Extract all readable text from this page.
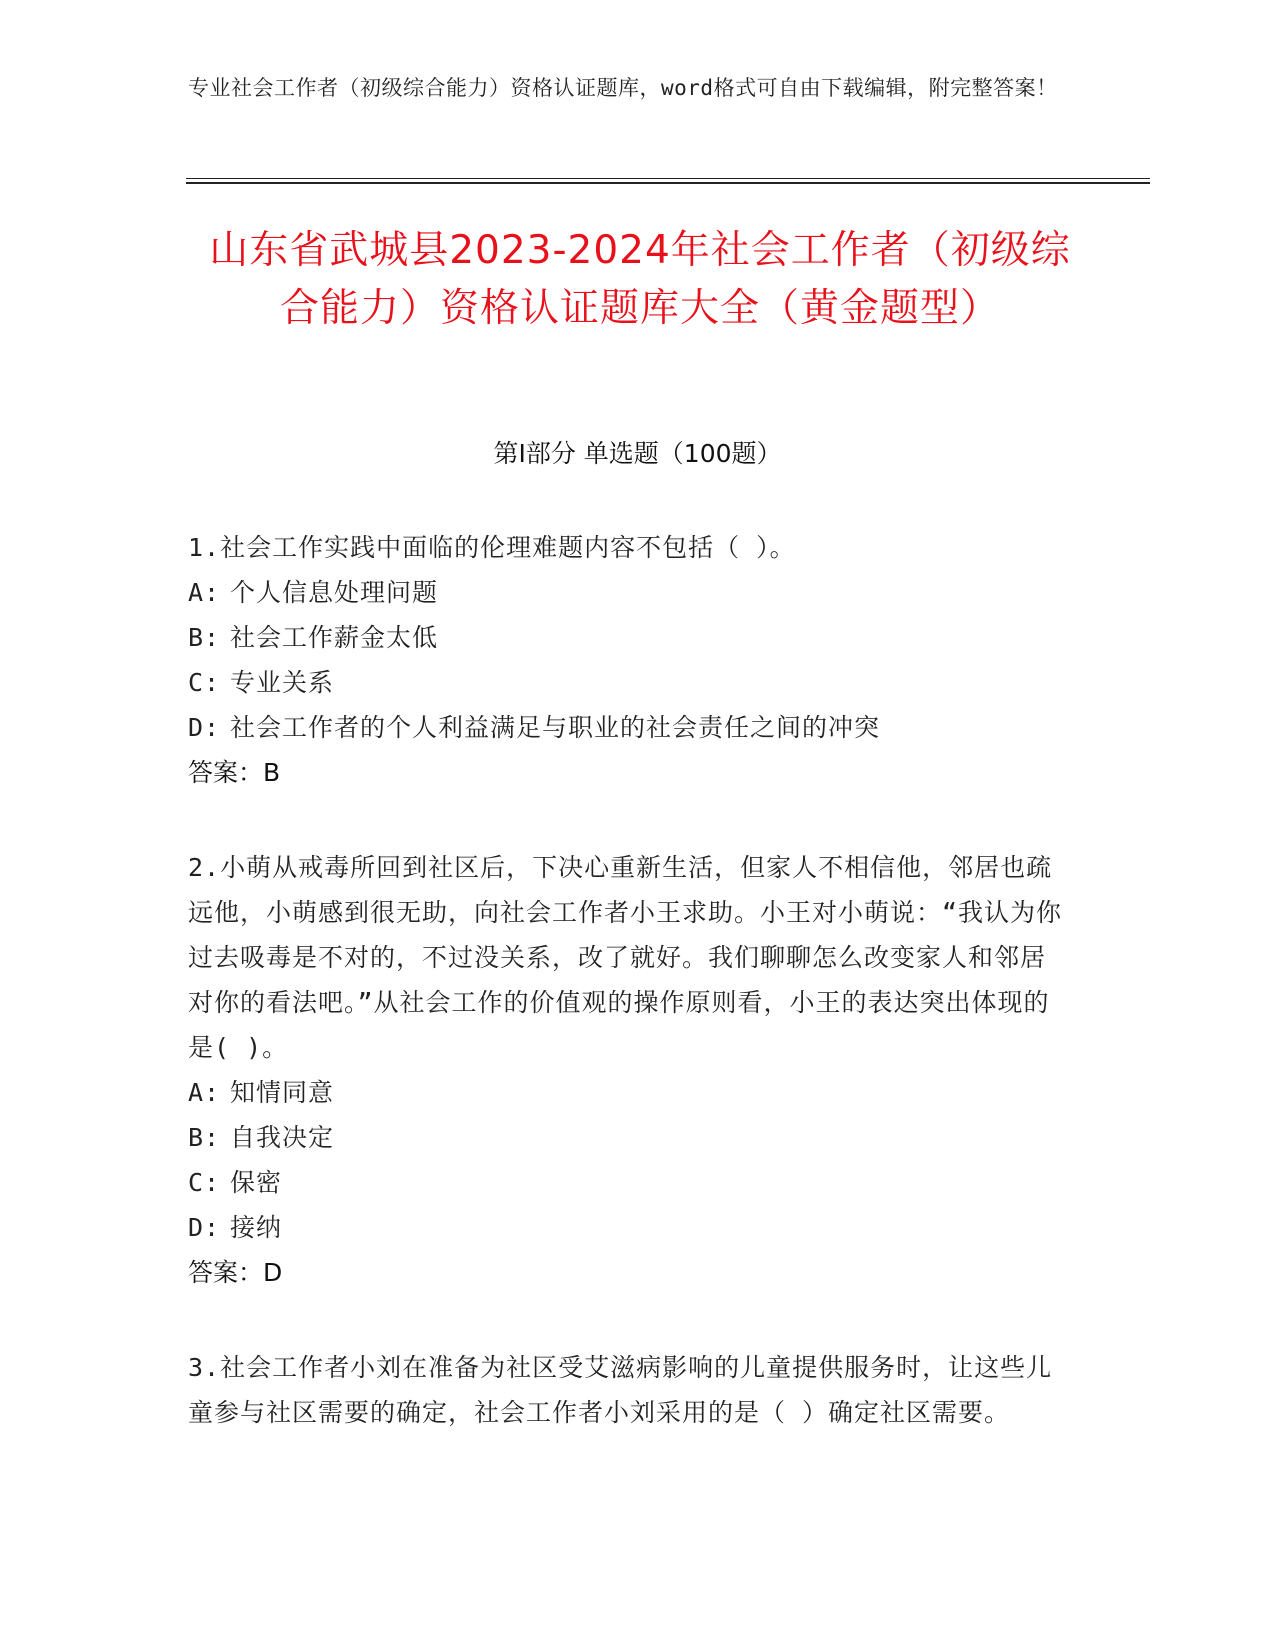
专业社会工作者（初级综合能力）资格认证题库，word格式可自由下载编辑，附完整答案！
山东省武城县2023-2024年社会工作者（初级综合能力）资格认证题库大全（黄金题型）
第Ⅰ部分 单选题（100题）

1.社会工作实践中面临的伦理难题内容不包括（ ）。

A: 个人信息处理问题

B: 社会工作薪金太低

C: 专业关系

D: 社会工作者的个人利益满足与职业的社会责任之间的冲突

答案：B

2.小萌从戒毒所回到社区后，下决心重新生活，但家人不相信他，邻居也疏远他，小萌感到很无助，向社会工作者小王求助。小王对小萌说：“我认为你过去吸毒是不对的，不过没关系，改了就好。我们聊聊怎么改变家人和邻居对你的看法吧。”从社会工作的价值观的操作原则看，小王的表达突出体现的是( )。

A: 知情同意

B: 自我决定

C: 保密

D: 接纳

答案：D

3.社会工作者小刘在准备为社区受艾滋病影响的儿童提供服务时，让这些儿童参与社区需要的确定，社会工作者小刘采用的是（ ）确定社区需要。
